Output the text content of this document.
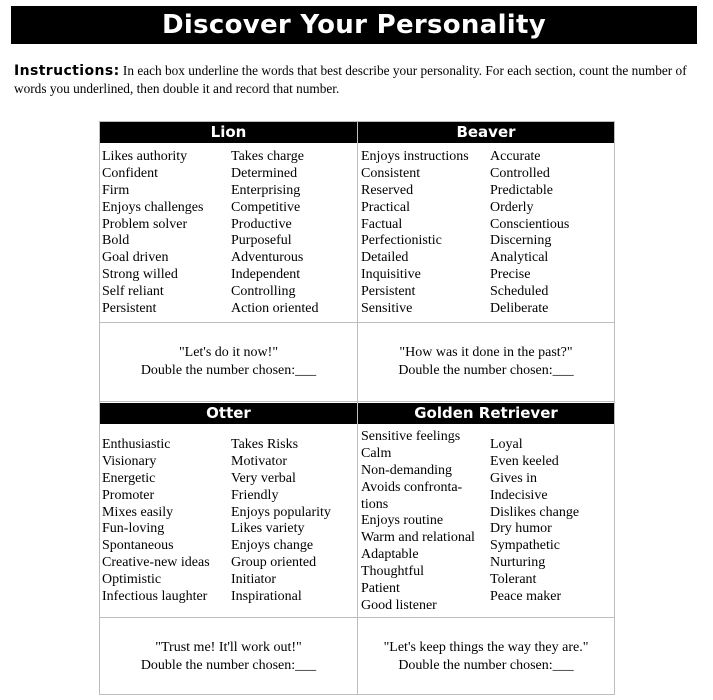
Discover Your Personality
Instructions: In each box underline the words that best describe your personality. For each section, count the number of words you underlined, then double it and record that number.
Lion
Likes authority
Confident
Firm
Enjoys challenges
Problem solver
Bold
Goal driven
Strong willed
Self reliant
Persistent
Takes charge
Determined
Enterprising
Competitive
Productive
Purposeful
Adventurous
Independent
Controlling
Action oriented
"Let's do it now!"
Double the number chosen:___
Beaver
Enjoys instructions
Consistent
Reserved
Practical
Factual
Perfectionistic
Detailed
Inquisitive
Persistent
Sensitive
Accurate
Controlled
Predictable
Orderly
Conscientious
Discerning
Analytical
Precise
Scheduled
Deliberate
"How was it done in the past?"
Double the number chosen:___
Otter
Enthusiastic
Visionary
Energetic
Promoter
Mixes easily
Fun-loving
Spontaneous
Creative-new ideas
Optimistic
Infectious laughter
Takes Risks
Motivator
Very verbal
Friendly
Enjoys popularity
Likes variety
Enjoys change
Group oriented
Initiator
Inspirational
"Trust me! It'll work out!"
Double the number chosen:___
Golden Retriever
Sensitive feelings
Calm
Non-demanding
Avoids confronta-
tions
Enjoys routine
Warm and relational
Adaptable
Thoughtful
Patient
Good listener
Loyal
Even keeled
Gives in
Indecisive
Dislikes change
Dry humor
Sympathetic
Nurturing
Tolerant
Peace maker
"Let's keep things the way they are."
Double the number chosen:___
